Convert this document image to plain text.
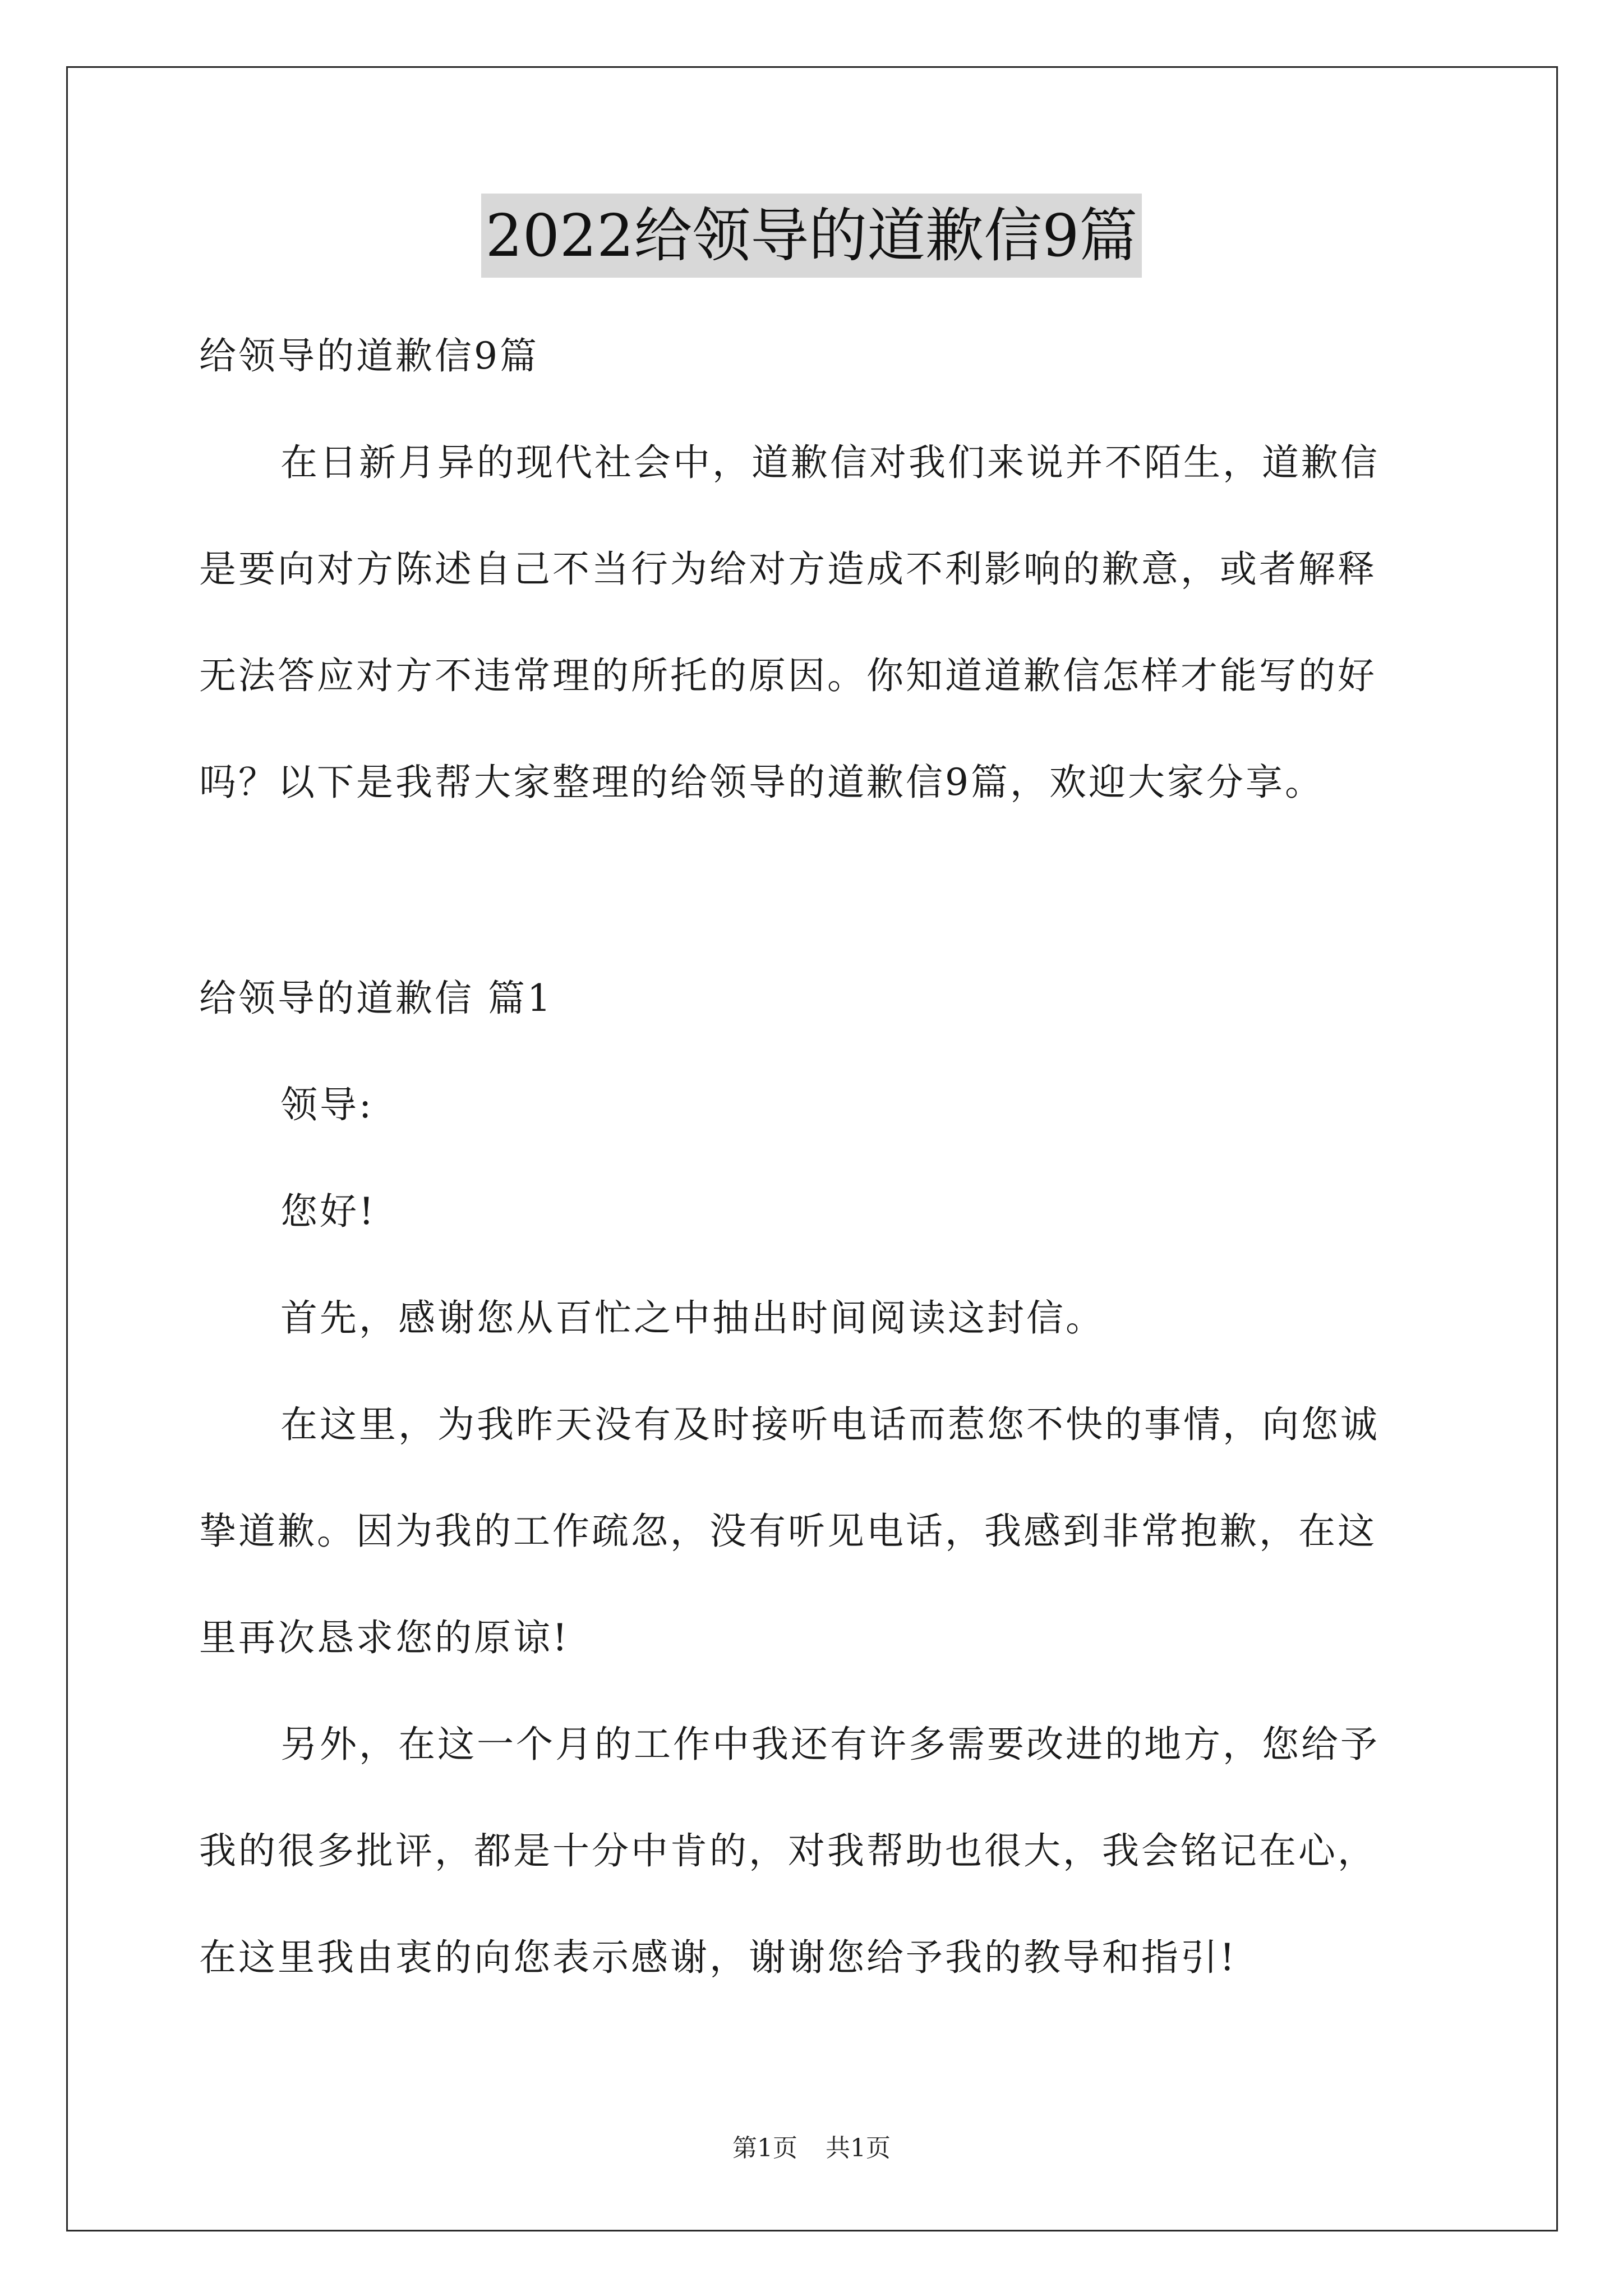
2022给领导的道歉信9篇
给领导的道歉信9篇
在日新月异的现代社会中，道歉信对我们来说并不陌生，道歉信
是要向对方陈述自己不当行为给对方造成不利影响的歉意，或者解释
无法答应对方不违常理的所托的原因。你知道道歉信怎样才能写的好
吗？以下是我帮大家整理的给领导的道歉信9篇，欢迎大家分享。
给领导的道歉信 篇1
领导:
您好!
首先，感谢您从百忙之中抽出时间阅读这封信。
在这里，为我昨天没有及时接听电话而惹您不快的事情，向您诚
挚道歉。因为我的工作疏忽，没有听见电话，我感到非常抱歉，在这
里再次恳求您的原谅!
另外，在这一个月的工作中我还有许多需要改进的地方，您给予
我的很多批评，都是十分中肯的，对我帮助也很大，我会铭记在心，
在这里我由衷的向您表示感谢，谢谢您给予我的教导和指引!
第1页 共1页
